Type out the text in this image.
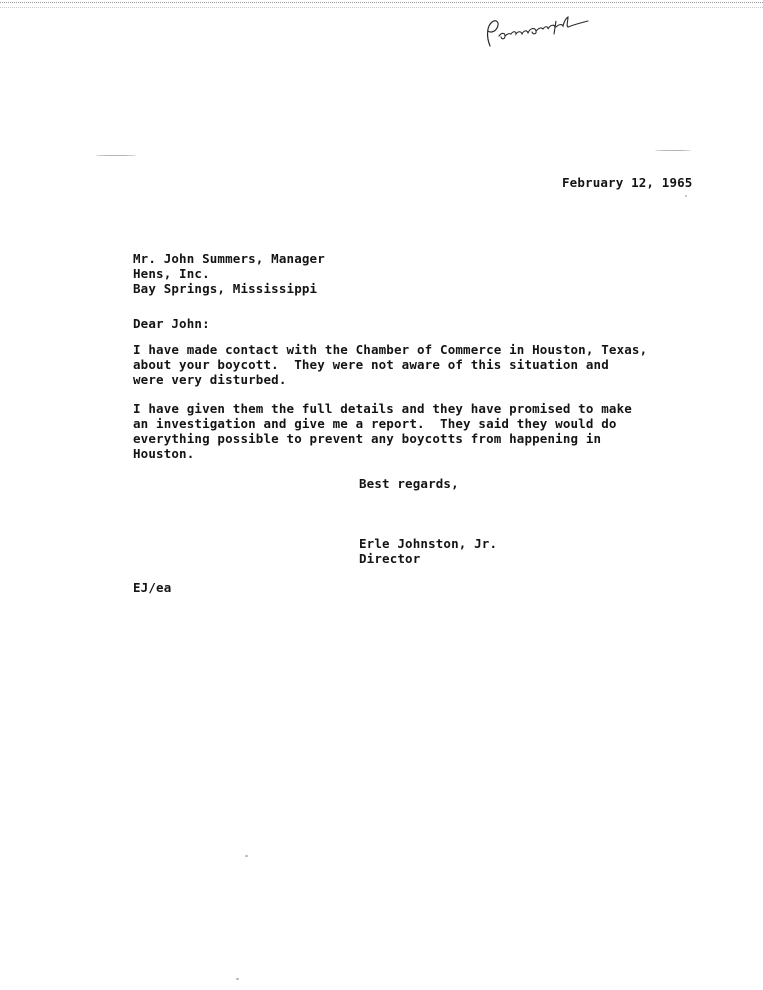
February 12, 1965
Mr. John Summers, Manager
Hens, Inc.
Bay Springs, Mississippi
Dear John:
I have made contact with the Chamber of Commerce in Houston, Texas,
about your boycott.  They were not aware of this situation and
were very disturbed.
I have given them the full details and they have promised to make
an investigation and give me a report.  They said they would do
everything possible to prevent any boycotts from happening in
Houston.
Best regards,
Erle Johnston, Jr.
Director
EJ/ea
